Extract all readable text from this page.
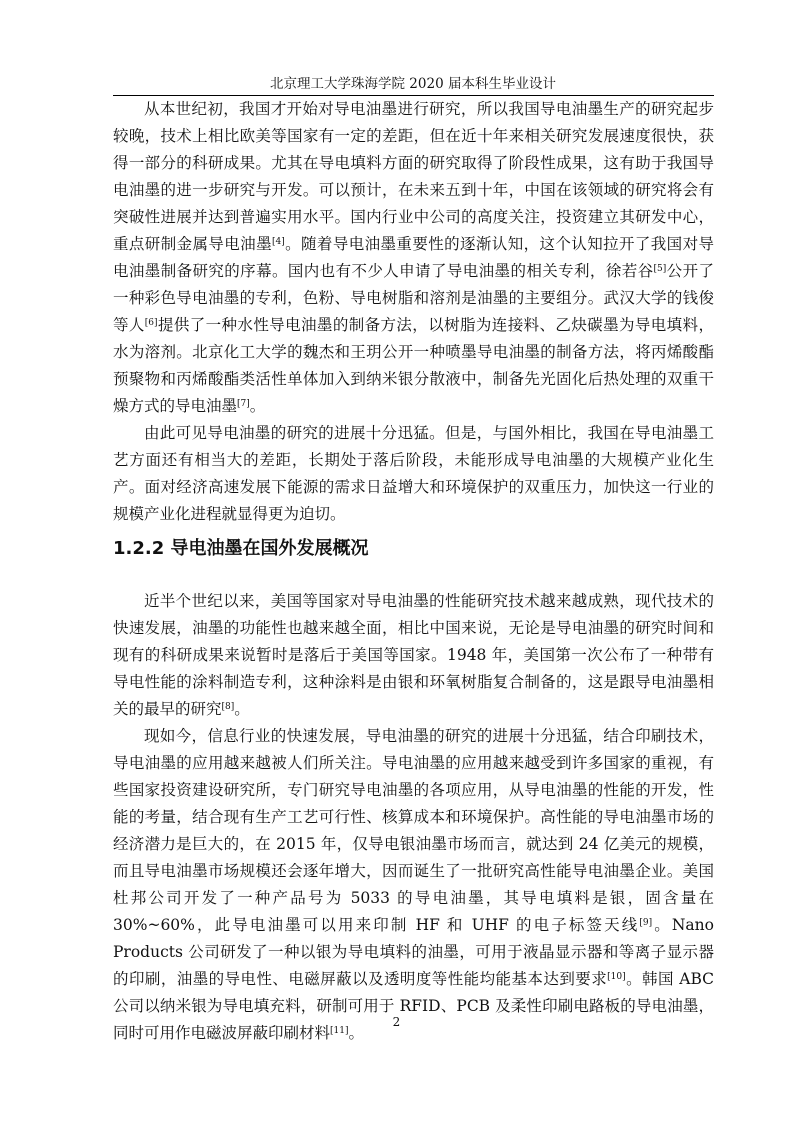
北京理工大学珠海学院 2020 届本科生毕业设计

从本世纪初，我国才开始对导电油墨进行研究，所以我国导电油墨生产的研究起步较晚，技术上相比欧美等国家有一定的差距，但在近十年来相关研究发展速度很快，获得一部分的科研成果。尤其在导电填料方面的研究取得了阶段性成果，这有助于我国导电油墨的进一步研究与开发。可以预计，在未来五到十年，中国在该领域的研究将会有突破性进展并达到普遍实用水平。国内行业中公司的高度关注，投资建立其研发中心，重点研制金属导电油墨[4]。随着导电油墨重要性的逐渐认知，这个认知拉开了我国对导电油墨制备研究的序幕。国内也有不少人申请了导电油墨的相关专利，徐若谷[5]公开了一种彩色导电油墨的专利，色粉、导电树脂和溶剂是油墨的主要组分。武汉大学的钱俊等人[6]提供了一种水性导电油墨的制备方法，以树脂为连接料、乙炔碳墨为导电填料，水为溶剂。北京化工大学的魏杰和王玥公开一种喷墨导电油墨的制备方法，将丙烯酸酯预聚物和丙烯酸酯类活性单体加入到纳米银分散液中，制备先光固化后热处理的双重干燥方式的导电油墨[7]。

由此可见导电油墨的研究的进展十分迅猛。但是，与国外相比，我国在导电油墨工艺方面还有相当大的差距，长期处于落后阶段，未能形成导电油墨的大规模产业化生产。面对经济高速发展下能源的需求日益增大和环境保护的双重压力，加快这一行业的规模产业化进程就显得更为迫切。

1.2.2 导电油墨在国外发展概况

近半个世纪以来，美国等国家对导电油墨的性能研究技术越来越成熟，现代技术的快速发展，油墨的功能性也越来越全面，相比中国来说，无论是导电油墨的研究时间和现有的科研成果来说暂时是落后于美国等国家。1948 年，美国第一次公布了一种带有导电性能的涂料制造专利，这种涂料是由银和环氧树脂复合制备的，这是跟导电油墨相关的最早的研究[8]。

现如今，信息行业的快速发展，导电油墨的研究的进展十分迅猛，结合印刷技术，导电油墨的应用越来越被人们所关注。导电油墨的应用越来越受到许多国家的重视，有些国家投资建设研究所，专门研究导电油墨的各项应用，从导电油墨的性能的开发，性能的考量，结合现有生产工艺可行性、核算成本和环境保护。高性能的导电油墨市场的经济潜力是巨大的，在 2015 年，仅导电银油墨市场而言，就达到 24 亿美元的规模，而且导电油墨市场规模还会逐年增大，因而诞生了一批研究高性能导电油墨企业。美国杜邦公司开发了一种产品号为 5033 的导电油墨，其导电填料是银，固含量在 30%~60%，此导电油墨可以用来印制 HF 和 UHF 的电子标签天线[9]。Nano Products 公司研发了一种以银为导电填料的油墨，可用于液晶显示器和等离子显示器的印刷，油墨的导电性、电磁屏蔽以及透明度等性能均能基本达到要求[10]。韩国 ABC 公司以纳米银为导电填充料，研制可用于 RFID、PCB 及柔性印刷电路板的导电油墨，同时可用作电磁波屏蔽印刷材料[11]。

2
